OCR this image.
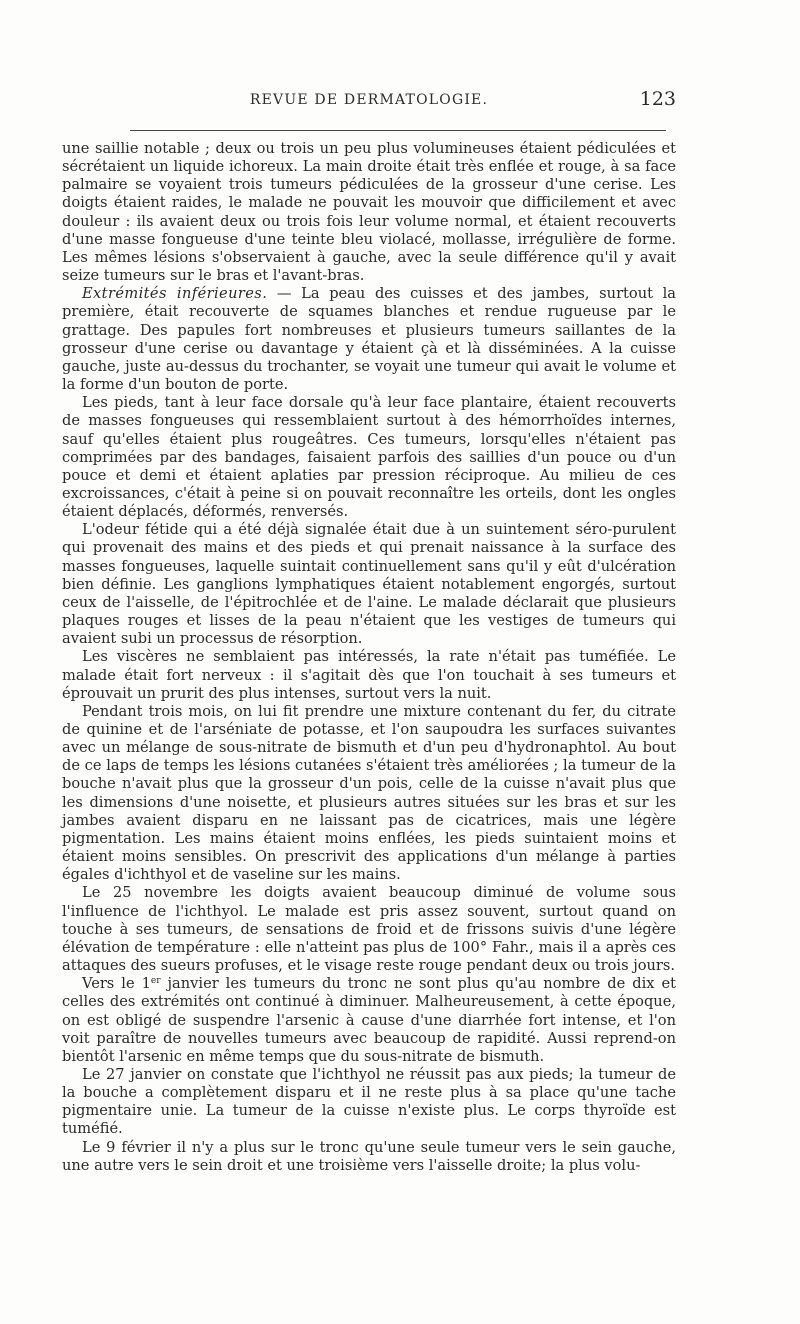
REVUE DE DERMATOLOGIE.	123

une saillie notable ; deux ou trois un peu plus volumineuses étaient pédiculées et sécrétaient un liquide ichoreux. La main droite était très enflée et rouge, à sa face palmaire se voyaient trois tumeurs pédiculées de la grosseur d'une cerise. Les doigts étaient raides, le malade ne pouvait les mouvoir que difficilement et avec douleur : ils avaient deux ou trois fois leur volume normal, et étaient recouverts d'une masse fongueuse d'une teinte bleu violacé, mollasse, irrégulière de forme. Les mêmes lésions s'observaient à gauche, avec la seule différence qu'il y avait seize tumeurs sur le bras et l'avant-bras.

Extrémités inférieures. — La peau des cuisses et des jambes, surtout la première, était recouverte de squames blanches et rendue rugueuse par le grattage. Des papules fort nombreuses et plusieurs tumeurs saillantes de la grosseur d'une cerise ou davantage y étaient çà et là disséminées. A la cuisse gauche, juste au-dessus du trochanter, se voyait une tumeur qui avait le volume et la forme d'un bouton de porte.

Les pieds, tant à leur face dorsale qu'à leur face plantaire, étaient recouverts de masses fongueuses qui ressemblaient surtout à des hémorrhoïdes internes, sauf qu'elles étaient plus rougeâtres. Ces tumeurs, lorsqu'elles n'étaient pas comprimées par des bandages, faisaient parfois des saillies d'un pouce ou d'un pouce et demi et étaient aplaties par pression réciproque. Au milieu de ces excroissances, c'était à peine si on pouvait reconnaître les orteils, dont les ongles étaient déplacés, déformés, renversés.

L'odeur fétide qui a été déjà signalée était due à un suintement séro-purulent qui provenait des mains et des pieds et qui prenait naissance à la surface des masses fongueuses, laquelle suintait continuellement sans qu'il y eût d'ulcération bien définie. Les ganglions lymphatiques étaient notablement engorgés, surtout ceux de l'aisselle, de l'épitrochlée et de l'aine. Le malade déclarait que plusieurs plaques rouges et lisses de la peau n'étaient que les vestiges de tumeurs qui avaient subi un processus de résorption.

Les viscères ne semblaient pas intéressés, la rate n'était pas tuméfiée. Le malade était fort nerveux : il s'agitait dès que l'on touchait à ses tumeurs et éprouvait un prurit des plus intenses, surtout vers la nuit.

Pendant trois mois, on lui fit prendre une mixture contenant du fer, du citrate de quinine et de l'arséniate de potasse, et l'on saupoudra les surfaces suivantes avec un mélange de sous-nitrate de bismuth et d'un peu d'hydronaphtol. Au bout de ce laps de temps les lésions cutanées s'étaient très améliorées ; la tumeur de la bouche n'avait plus que la grosseur d'un pois, celle de la cuisse n'avait plus que les dimensions d'une noisette, et plusieurs autres situées sur les bras et sur les jambes avaient disparu en ne laissant pas de cicatrices, mais une légère pigmentation. Les mains étaient moins enflées, les pieds suintaient moins et étaient moins sensibles. On prescrivit des applications d'un mélange à parties égales d'ichthyol et de vaseline sur les mains.

Le 25 novembre les doigts avaient beaucoup diminué de volume sous l'influence de l'ichthyol. Le malade est pris assez souvent, surtout quand on touche à ses tumeurs, de sensations de froid et de frissons suivis d'une légère élévation de température : elle n'atteint pas plus de 100° Fahr., mais il a après ces attaques des sueurs profuses, et le visage reste rouge pendant deux ou trois jours.

Vers le 1er janvier les tumeurs du tronc ne sont plus qu'au nombre de dix et celles des extrémités ont continué à diminuer. Malheureusement, à cette époque, on est obligé de suspendre l'arsenic à cause d'une diarrhée fort intense, et l'on voit paraître de nouvelles tumeurs avec beaucoup de rapidité. Aussi reprend-on bientôt l'arsenic en même temps que du sous-nitrate de bismuth.

Le 27 janvier on constate que l'ichthyol ne réussit pas aux pieds; la tumeur de la bouche a complètement disparu et il ne reste plus à sa place qu'une tache pigmentaire unie. La tumeur de la cuisse n'existe plus. Le corps thyroïde est tuméfié.

Le 9 février il n'y a plus sur le tronc qu'une seule tumeur vers le sein gauche, une autre vers le sein droit et une troisième vers l'aisselle droite; la plus volu-
